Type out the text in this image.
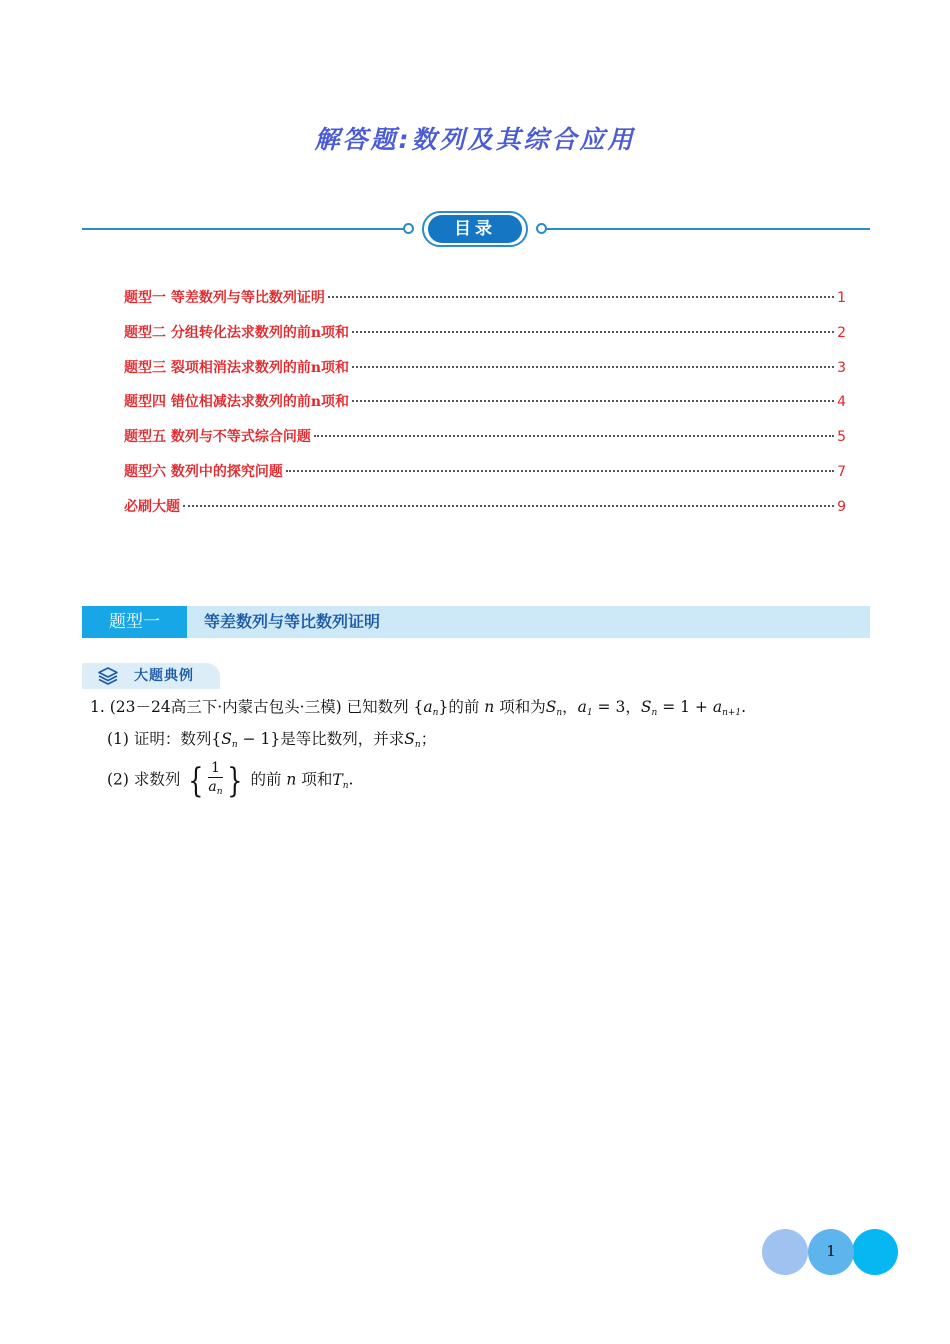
解答题:数列及其综合应用
目录
题型一 等差数列与等比数列证明	1
题型二 分组转化法求数列的前n项和	2
题型三 裂项相消法求数列的前n项和	3
题型四 错位相减法求数列的前n项和	4
题型五 数列与不等式综合问题	5
题型六 数列中的探究问题	7
必刷大题	9
题型一	等差数列与等比数列证明
大题典例
1. (23－24高三下·内蒙古包头·三模) 已知数列 $\{a_n\}$的前 n 项和为$S_n$，$a_1 = 3$，$S_n = 1 + a_{n+1}$.
(1) 证明：数列$\{S_n - 1\}$是等比数列，并求$S_n$；
(2) 求数列 { $\frac{1}{a_n}$ } 的前 n 项和$T_n$.
1
